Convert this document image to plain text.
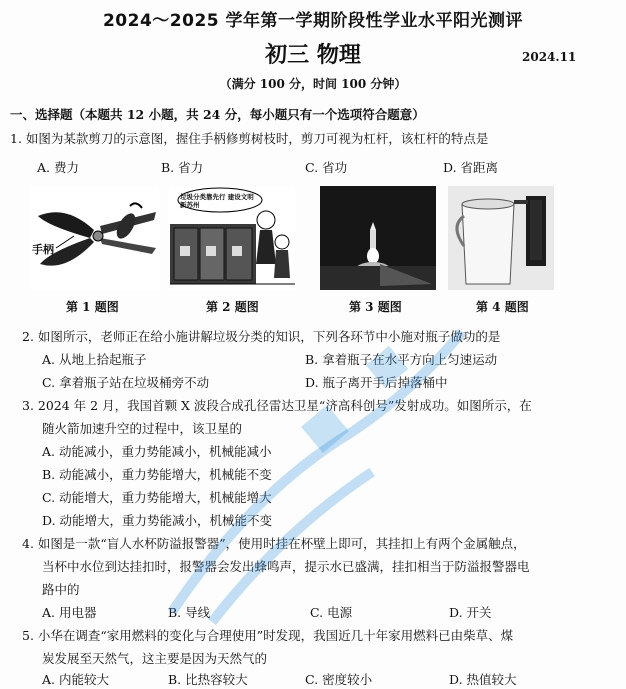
2024～2025 学年第一学期阶段性学业水平阳光测评
初三 物理	2024.11
（满分 100 分，时间 100 分钟）
一、选择题（本题共 12 小题，共 24 分，每小题只有一个选项符合题意）
1. 如图为某款剪刀的示意图，握住手柄修剪树枝时，剪刀可视为杠杆，该杠杆的特点是
A. 费力	B. 省力	C. 省功	D. 省距离
手柄
垃圾分类靠先行 建设文明新苏州
第 1 题图	第 2 题图	第 3 题图	第 4 题图
2. 如图所示，老师正在给小施讲解垃圾分类的知识，下列各环节中小施对瓶子做功的是
A. 从地上拾起瓶子	B. 拿着瓶子在水平方向上匀速运动
C. 拿着瓶子站在垃圾桶旁不动	D. 瓶子离开手后掉落桶中
3. 2024 年 2 月，我国首颗 X 波段合成孔径雷达卫星“济高科创号”发射成功。如图所示，在
随火箭加速升空的过程中，该卫星的
A. 动能减小，重力势能减小，机械能减小
B. 动能减小，重力势能增大，机械能不变
C. 动能增大，重力势能增大，机械能增大
D. 动能增大，重力势能减小，机械能不变
4. 如图是一款“盲人水杯防溢报警器”，使用时挂在杯壁上即可，其挂扣上有两个金属触点，
当杯中水位到达挂扣时，报警器会发出蜂鸣声，提示水已盛满，挂扣相当于防溢报警器电
路中的
A. 用电器	B. 导线	C. 电源	D. 开关
5. 小华在调查“家用燃料的变化与合理使用”时发现，我国近几十年家用燃料已由柴草、煤
炭发展至天然气，这主要是因为天然气的
A. 内能较大	B. 比热容较大	C. 密度较小	D. 热值较大
